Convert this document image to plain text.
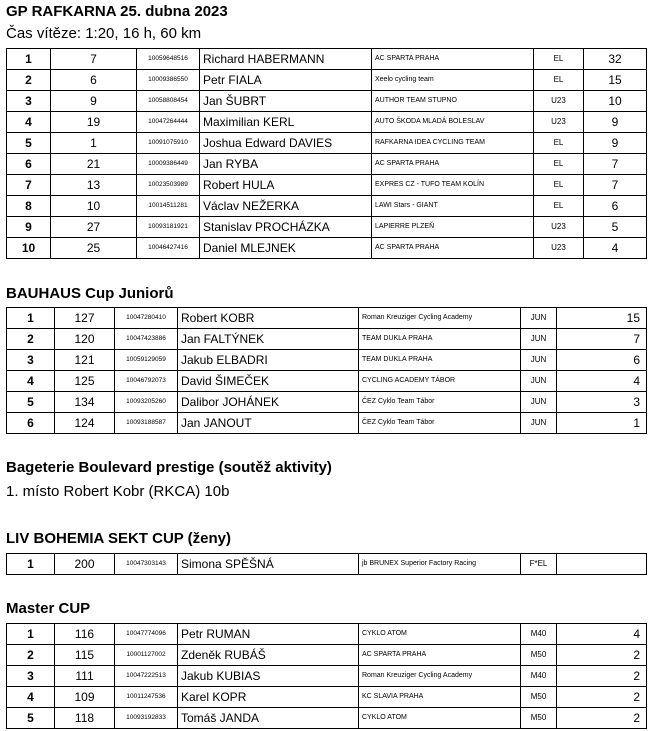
GP RAFKARNA 25. dubna 2023
Čas vítěze: 1:20, 16 h, 60 km
1	7	10059648516	Richard HABERMANN	AC SPARTA PRAHA	EL	32
2	6	10009386550	Petr FIALA	Xeelo cycling team	EL	15
3	9	10058808454	Jan ŠUBRT	AUTHOR TEAM STUPNO	U23	10
4	19	10047264444	Maximilian KERL	AUTO ŠKODA MLADÁ BOLESLAV	U23	9
5	1	10091075910	Joshua Edward DAVIES	RAFKARNA IDEA CYCLING TEAM	EL	9
6	21	10009386449	Jan RYBA	AC SPARTA PRAHA	EL	7
7	13	10023503989	Robert HULA	EXPRES CZ - TUFO TEAM KOLÍN	EL	7
8	10	10014511281	Václav NEŽERKA	LAWI Stars - GIANT	EL	6
9	27	10093181921	Stanislav PROCHÁZKA	LAPIERRE PLZEŇ	U23	5
10	25	10046427416	Daniel MLEJNEK	AC SPARTA PRAHA	U23	4
BAUHAUS Cup Juniorů
1	127	10047280410	Robert KOBR	Roman Kreuziger Cycling Academy	JUN	15
2	120	10047423886	Jan FALTÝNEK	TEAM DUKLA PRAHA	JUN	7
3	121	10059129059	Jakub ELBADRI	TEAM DUKLA PRAHA	JUN	6
4	125	10046792073	David ŠIMEČEK	CYCLING ACADEMY TÁBOR	JUN	4
5	134	10093205260	Dalibor JOHÁNEK	ČEZ Cyklo Team Tábor	JUN	3
6	124	10093188587	Jan JANOUT	ČEZ Cyklo Team Tábor	JUN	1
Bageterie Boulevard prestige (soutěž aktivity)
1. místo Robert Kobr (RKCA) 10b
LIV BOHEMIA SEKT CUP (ženy)
1	200	10047303143	Simona SPĚŠNÁ	jb BRUNEX Superior Factory Racing	F*EL	
Master CUP
1	116	10047774096	Petr RUMAN	CYKLO ATOM	M40	4
2	115	10001127002	Zdeněk RUBÁŠ	AC SPARTA PRAHA	M50	2
3	111	10047222513	Jakub KUBIAS	Roman Kreuziger Cycling Academy	M40	2
4	109	10011247536	Karel KOPR	KC SLAVIA PRAHA	M50	2
5	118	10093192833	Tomáš JANDA	CYKLO ATOM	M50	2
